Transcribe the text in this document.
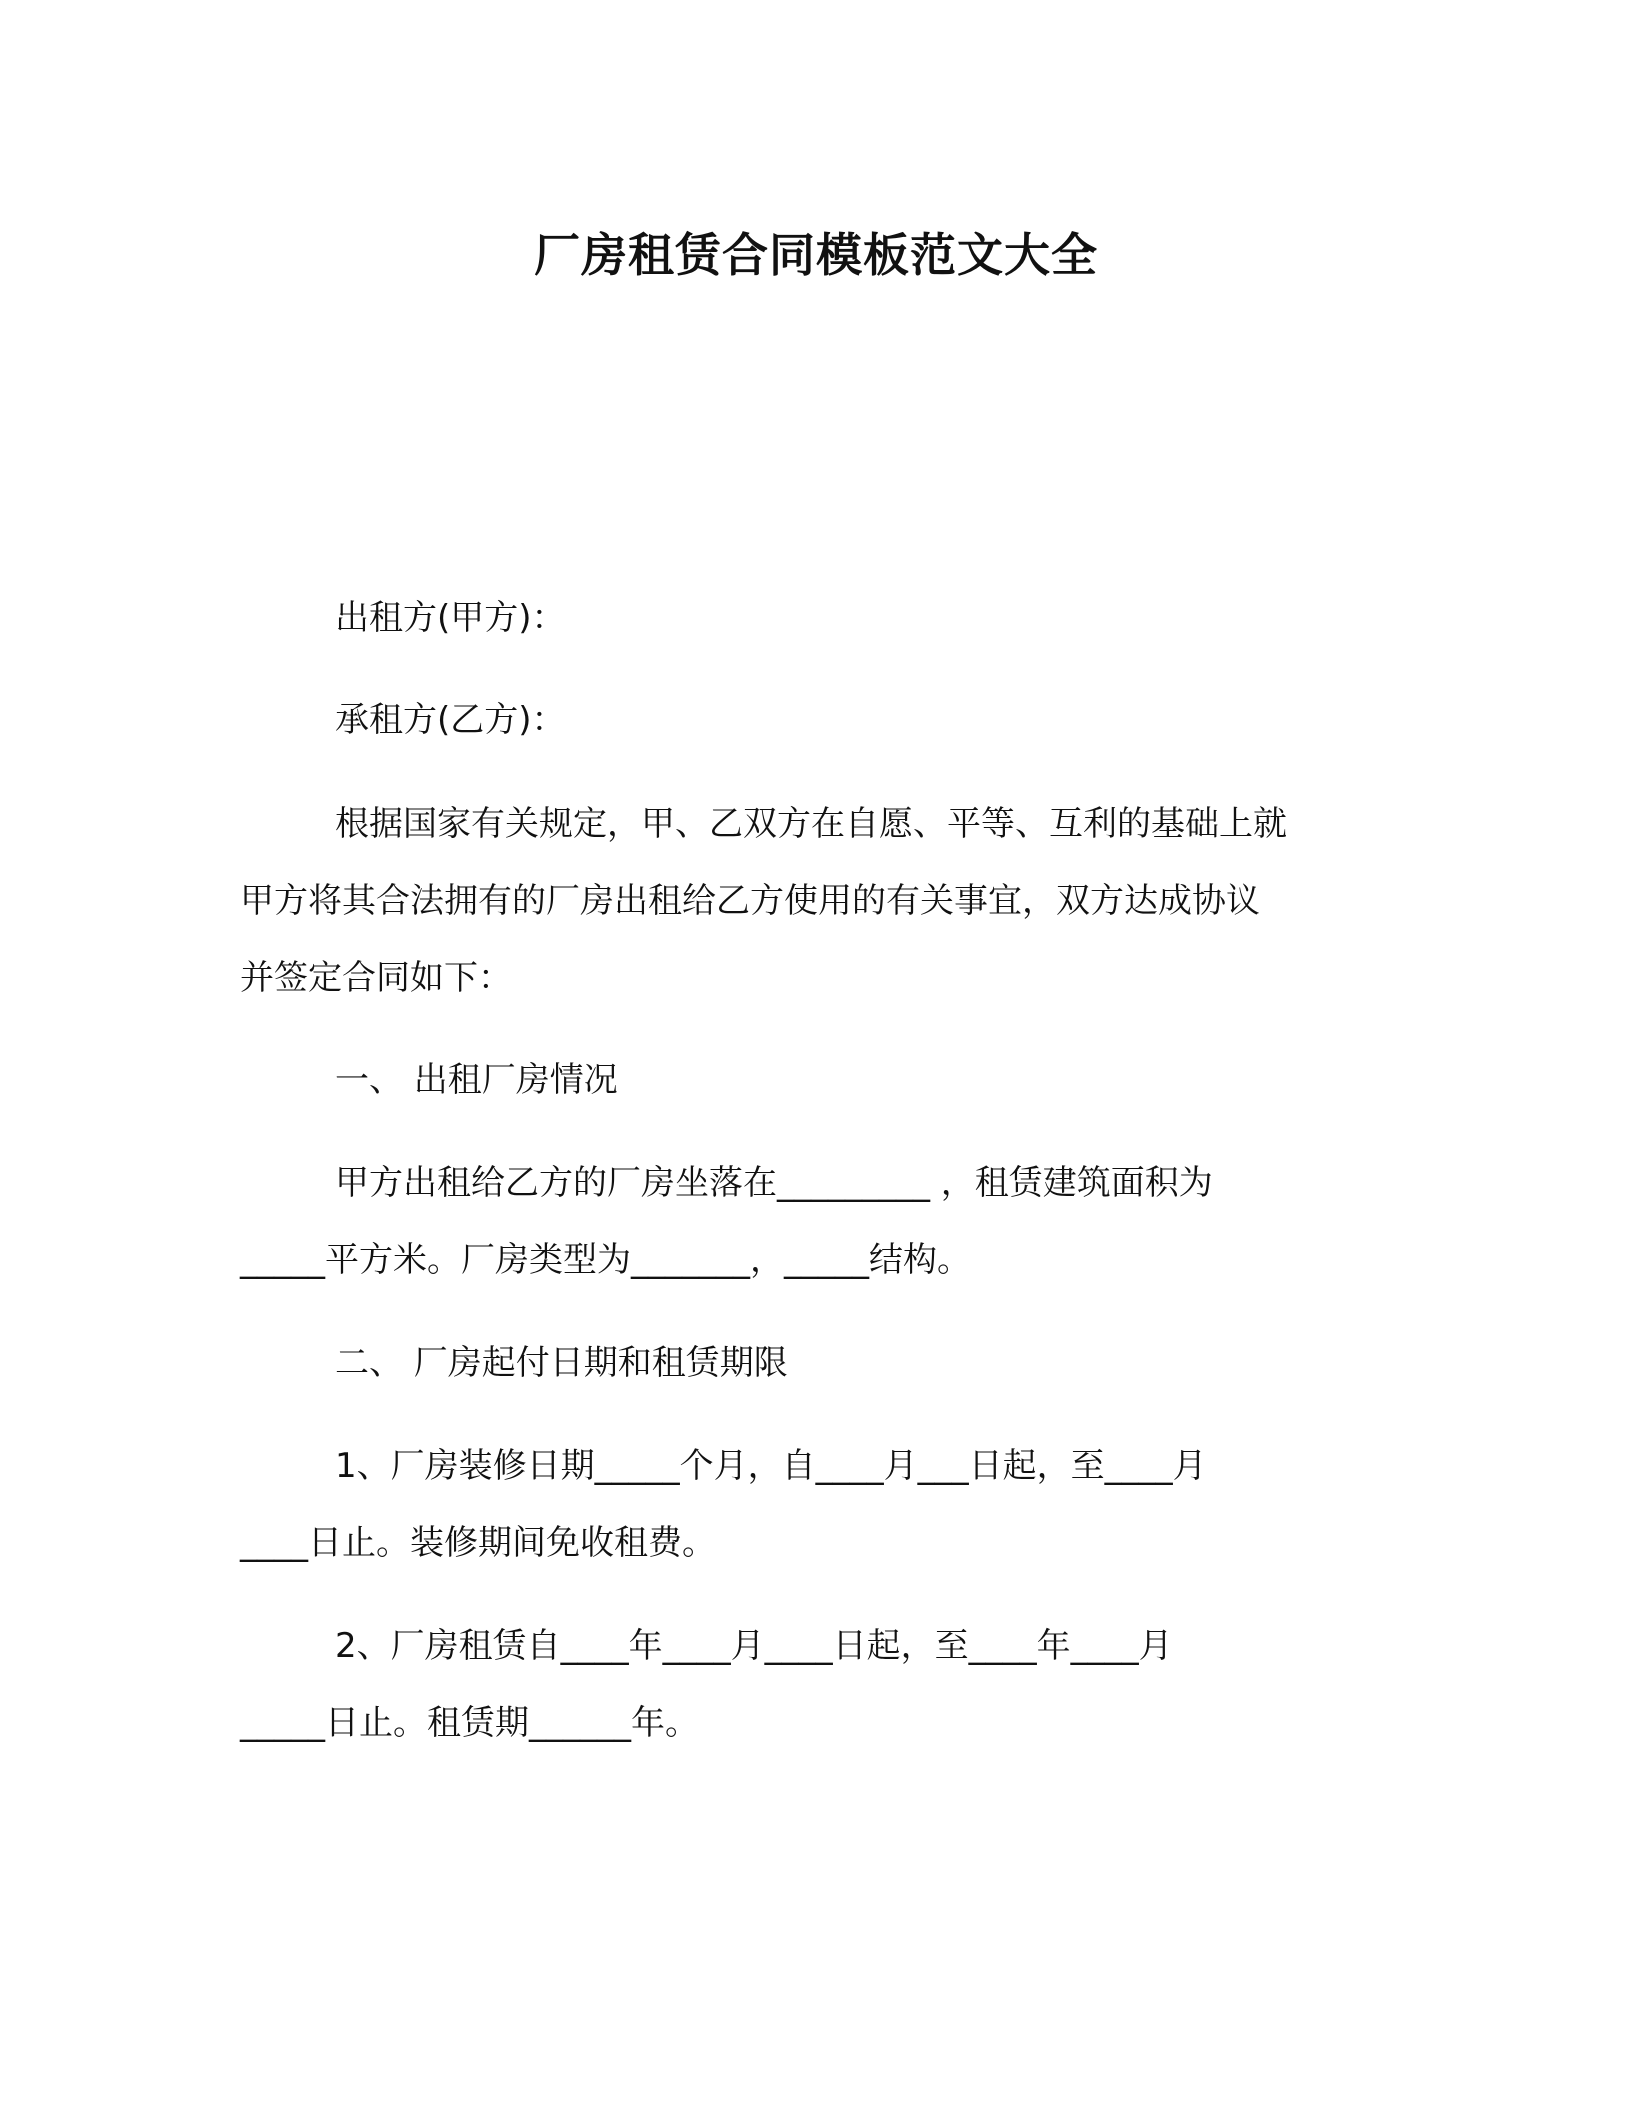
厂房租赁合同模板范文大全

出租方(甲方)：

承租方(乙方)：

根据国家有关规定，甲、乙双方在自愿、平等、互利的基础上就

甲方将其合法拥有的厂房出租给乙方使用的有关事宜，双方达成协议

并签定合同如下：

一、 出租厂房情况

甲方出租给乙方的厂房坐落在_________ ，租赁建筑面积为

_____平方米。厂房类型为_______，_____结构。

二、 厂房起付日期和租赁期限

1、厂房装修日期_____个月，自____月___日起，至____月

____日止。装修期间免收租费。

2、厂房租赁自____年____月____日起，至____年____月

_____日止。租赁期______年。
